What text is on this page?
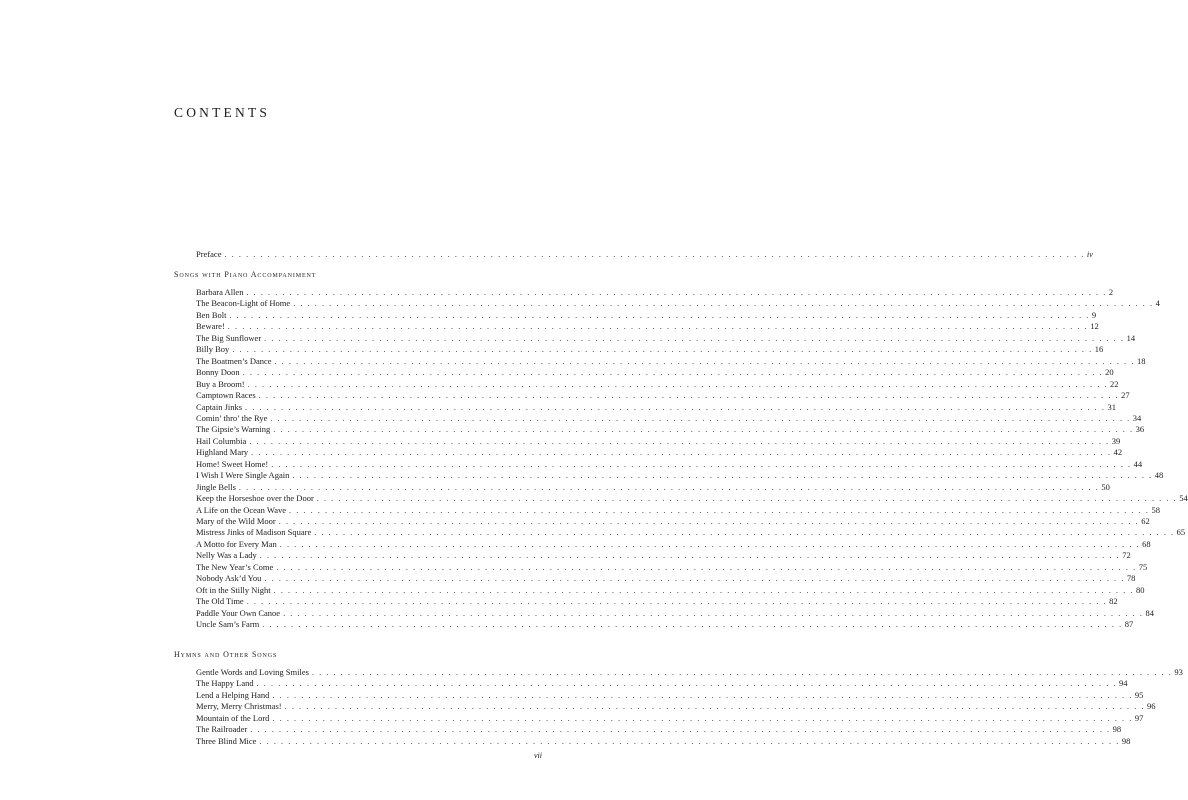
CONTENTS
Preface . . . . . . . . . . . . . . . . . . . . . . . . . . . . . . . . . . . . . . . . . . . . . . . . . . . . . . . . . . . . . . . . . . . . . . . . . . . . . . . . . . . . . . . . . . . . . . . . . . . . . . . . . . . . . . . . . . . . . . . . iv
Songs with Piano Accompaniment
Barbara Allen . . . . . . . . . . . . . . . . . . . . . . . . . . . . . . . . . . . . . . . . . . . . . . . . . . . . . . . . . . . . . . . . . . . . . . . . . . . . . . . . . . . . . . . . . . . . . . . . . . . . . . . . . . . . . . . . . . . . . . . . 2
The Beacon-Light of Home . . . . . . . . . . . . . . . . . . . . . . . . . . . . . . . . . . . . . . . . . . . . . . . . . . . . . . . . . . . . . . . . . . . . . . . . . . . . . . . . . . . . . . . . . . . . . . . . . . . . . . . . . . . . . . . . . . . . . . . . 4
Ben Bolt . . . . . . . . . . . . . . . . . . . . . . . . . . . . . . . . . . . . . . . . . . . . . . . . . . . . . . . . . . . . . . . . . . . . . . . . . . . . . . . . . . . . . . . . . . . . . . . . . . . . . . . . . . . . . . . . . . . . . . . . 9
Beware! . . . . . . . . . . . . . . . . . . . . . . . . . . . . . . . . . . . . . . . . . . . . . . . . . . . . . . . . . . . . . . . . . . . . . . . . . . . . . . . . . . . . . . . . . . . . . . . . . . . . . . . . . . . . . . . . . . . . . . . . 12
The Big Sunflower . . . . . . . . . . . . . . . . . . . . . . . . . . . . . . . . . . . . . . . . . . . . . . . . . . . . . . . . . . . . . . . . . . . . . . . . . . . . . . . . . . . . . . . . . . . . . . . . . . . . . . . . . . . . . . . . . . . . . . . . 14
Billy Boy . . . . . . . . . . . . . . . . . . . . . . . . . . . . . . . . . . . . . . . . . . . . . . . . . . . . . . . . . . . . . . . . . . . . . . . . . . . . . . . . . . . . . . . . . . . . . . . . . . . . . . . . . . . . . . . . . . . . . . . . 16
The Boatmen’s Dance . . . . . . . . . . . . . . . . . . . . . . . . . . . . . . . . . . . . . . . . . . . . . . . . . . . . . . . . . . . . . . . . . . . . . . . . . . . . . . . . . . . . . . . . . . . . . . . . . . . . . . . . . . . . . . . . . . . . . . . . 18
Bonny Doon . . . . . . . . . . . . . . . . . . . . . . . . . . . . . . . . . . . . . . . . . . . . . . . . . . . . . . . . . . . . . . . . . . . . . . . . . . . . . . . . . . . . . . . . . . . . . . . . . . . . . . . . . . . . . . . . . . . . . . . . 20
Buy a Broom! . . . . . . . . . . . . . . . . . . . . . . . . . . . . . . . . . . . . . . . . . . . . . . . . . . . . . . . . . . . . . . . . . . . . . . . . . . . . . . . . . . . . . . . . . . . . . . . . . . . . . . . . . . . . . . . . . . . . . . . . 22
Camptown Races . . . . . . . . . . . . . . . . . . . . . . . . . . . . . . . . . . . . . . . . . . . . . . . . . . . . . . . . . . . . . . . . . . . . . . . . . . . . . . . . . . . . . . . . . . . . . . . . . . . . . . . . . . . . . . . . . . . . . . . . 27
Captain Jinks . . . . . . . . . . . . . . . . . . . . . . . . . . . . . . . . . . . . . . . . . . . . . . . . . . . . . . . . . . . . . . . . . . . . . . . . . . . . . . . . . . . . . . . . . . . . . . . . . . . . . . . . . . . . . . . . . . . . . . . . 31
Comin’ thro’ the Rye . . . . . . . . . . . . . . . . . . . . . . . . . . . . . . . . . . . . . . . . . . . . . . . . . . . . . . . . . . . . . . . . . . . . . . . . . . . . . . . . . . . . . . . . . . . . . . . . . . . . . . . . . . . . . . . . . . . . . . . . 34
The Gipsie’s Warning . . . . . . . . . . . . . . . . . . . . . . . . . . . . . . . . . . . . . . . . . . . . . . . . . . . . . . . . . . . . . . . . . . . . . . . . . . . . . . . . . . . . . . . . . . . . . . . . . . . . . . . . . . . . . . . . . . . . . . . . 36
Hail Columbia . . . . . . . . . . . . . . . . . . . . . . . . . . . . . . . . . . . . . . . . . . . . . . . . . . . . . . . . . . . . . . . . . . . . . . . . . . . . . . . . . . . . . . . . . . . . . . . . . . . . . . . . . . . . . . . . . . . . . . . . 39
Highland Mary . . . . . . . . . . . . . . . . . . . . . . . . . . . . . . . . . . . . . . . . . . . . . . . . . . . . . . . . . . . . . . . . . . . . . . . . . . . . . . . . . . . . . . . . . . . . . . . . . . . . . . . . . . . . . . . . . . . . . . . . 42
Home! Sweet Home! . . . . . . . . . . . . . . . . . . . . . . . . . . . . . . . . . . . . . . . . . . . . . . . . . . . . . . . . . . . . . . . . . . . . . . . . . . . . . . . . . . . . . . . . . . . . . . . . . . . . . . . . . . . . . . . . . . . . . . . . 44
I Wish I Were Single Again . . . . . . . . . . . . . . . . . . . . . . . . . . . . . . . . . . . . . . . . . . . . . . . . . . . . . . . . . . . . . . . . . . . . . . . . . . . . . . . . . . . . . . . . . . . . . . . . . . . . . . . . . . . . . . . . . . . . . . . . 48
Jingle Bells . . . . . . . . . . . . . . . . . . . . . . . . . . . . . . . . . . . . . . . . . . . . . . . . . . . . . . . . . . . . . . . . . . . . . . . . . . . . . . . . . . . . . . . . . . . . . . . . . . . . . . . . . . . . . . . . . . . . . . . . 50
Keep the Horseshoe over the Door . . . . . . . . . . . . . . . . . . . . . . . . . . . . . . . . . . . . . . . . . . . . . . . . . . . . . . . . . . . . . . . . . . . . . . . . . . . . . . . . . . . . . . . . . . . . . . . . . . . . . . . . . . . . . . . . . . . . . . . . 54
A Life on the Ocean Wave . . . . . . . . . . . . . . . . . . . . . . . . . . . . . . . . . . . . . . . . . . . . . . . . . . . . . . . . . . . . . . . . . . . . . . . . . . . . . . . . . . . . . . . . . . . . . . . . . . . . . . . . . . . . . . . . . . . . . . . . 58
Mary of the Wild Moor . . . . . . . . . . . . . . . . . . . . . . . . . . . . . . . . . . . . . . . . . . . . . . . . . . . . . . . . . . . . . . . . . . . . . . . . . . . . . . . . . . . . . . . . . . . . . . . . . . . . . . . . . . . . . . . . . . . . . . . . 62
Mistress Jinks of Madison Square . . . . . . . . . . . . . . . . . . . . . . . . . . . . . . . . . . . . . . . . . . . . . . . . . . . . . . . . . . . . . . . . . . . . . . . . . . . . . . . . . . . . . . . . . . . . . . . . . . . . . . . . . . . . . . . . . . . . . . . . 65
A Motto for Every Man . . . . . . . . . . . . . . . . . . . . . . . . . . . . . . . . . . . . . . . . . . . . . . . . . . . . . . . . . . . . . . . . . . . . . . . . . . . . . . . . . . . . . . . . . . . . . . . . . . . . . . . . . . . . . . . . . . . . . . . . 68
Nelly Was a Lady . . . . . . . . . . . . . . . . . . . . . . . . . . . . . . . . . . . . . . . . . . . . . . . . . . . . . . . . . . . . . . . . . . . . . . . . . . . . . . . . . . . . . . . . . . . . . . . . . . . . . . . . . . . . . . . . . . . . . . . . 72
The New Year’s Come . . . . . . . . . . . . . . . . . . . . . . . . . . . . . . . . . . . . . . . . . . . . . . . . . . . . . . . . . . . . . . . . . . . . . . . . . . . . . . . . . . . . . . . . . . . . . . . . . . . . . . . . . . . . . . . . . . . . . . . . 75
Nobody Ask’d You . . . . . . . . . . . . . . . . . . . . . . . . . . . . . . . . . . . . . . . . . . . . . . . . . . . . . . . . . . . . . . . . . . . . . . . . . . . . . . . . . . . . . . . . . . . . . . . . . . . . . . . . . . . . . . . . . . . . . . . . 78
Oft in the Stilly Night . . . . . . . . . . . . . . . . . . . . . . . . . . . . . . . . . . . . . . . . . . . . . . . . . . . . . . . . . . . . . . . . . . . . . . . . . . . . . . . . . . . . . . . . . . . . . . . . . . . . . . . . . . . . . . . . . . . . . . . . 80
The Old Time . . . . . . . . . . . . . . . . . . . . . . . . . . . . . . . . . . . . . . . . . . . . . . . . . . . . . . . . . . . . . . . . . . . . . . . . . . . . . . . . . . . . . . . . . . . . . . . . . . . . . . . . . . . . . . . . . . . . . . . . 82
Paddle Your Own Canoe . . . . . . . . . . . . . . . . . . . . . . . . . . . . . . . . . . . . . . . . . . . . . . . . . . . . . . . . . . . . . . . . . . . . . . . . . . . . . . . . . . . . . . . . . . . . . . . . . . . . . . . . . . . . . . . . . . . . . . . . 84
Uncle Sam’s Farm . . . . . . . . . . . . . . . . . . . . . . . . . . . . . . . . . . . . . . . . . . . . . . . . . . . . . . . . . . . . . . . . . . . . . . . . . . . . . . . . . . . . . . . . . . . . . . . . . . . . . . . . . . . . . . . . . . . . . . . . 87
Hymns and Other Songs
Gentle Words and Loving Smiles . . . . . . . . . . . . . . . . . . . . . . . . . . . . . . . . . . . . . . . . . . . . . . . . . . . . . . . . . . . . . . . . . . . . . . . . . . . . . . . . . . . . . . . . . . . . . . . . . . . . . . . . . . . . . . . . . . . . . . . . 93
The Happy Land . . . . . . . . . . . . . . . . . . . . . . . . . . . . . . . . . . . . . . . . . . . . . . . . . . . . . . . . . . . . . . . . . . . . . . . . . . . . . . . . . . . . . . . . . . . . . . . . . . . . . . . . . . . . . . . . . . . . . . . . 94
Lend a Helping Hand . . . . . . . . . . . . . . . . . . . . . . . . . . . . . . . . . . . . . . . . . . . . . . . . . . . . . . . . . . . . . . . . . . . . . . . . . . . . . . . . . . . . . . . . . . . . . . . . . . . . . . . . . . . . . . . . . . . . . . . . 95
Merry, Merry Christmas! . . . . . . . . . . . . . . . . . . . . . . . . . . . . . . . . . . . . . . . . . . . . . . . . . . . . . . . . . . . . . . . . . . . . . . . . . . . . . . . . . . . . . . . . . . . . . . . . . . . . . . . . . . . . . . . . . . . . . . . . 96
Mountain of the Lord . . . . . . . . . . . . . . . . . . . . . . . . . . . . . . . . . . . . . . . . . . . . . . . . . . . . . . . . . . . . . . . . . . . . . . . . . . . . . . . . . . . . . . . . . . . . . . . . . . . . . . . . . . . . . . . . . . . . . . . . 97
The Railroader . . . . . . . . . . . . . . . . . . . . . . . . . . . . . . . . . . . . . . . . . . . . . . . . . . . . . . . . . . . . . . . . . . . . . . . . . . . . . . . . . . . . . . . . . . . . . . . . . . . . . . . . . . . . . . . . . . . . . . . . 98
Three Blind Mice . . . . . . . . . . . . . . . . . . . . . . . . . . . . . . . . . . . . . . . . . . . . . . . . . . . . . . . . . . . . . . . . . . . . . . . . . . . . . . . . . . . . . . . . . . . . . . . . . . . . . . . . . . . . . . . . . . . . . . . . 98
vii
